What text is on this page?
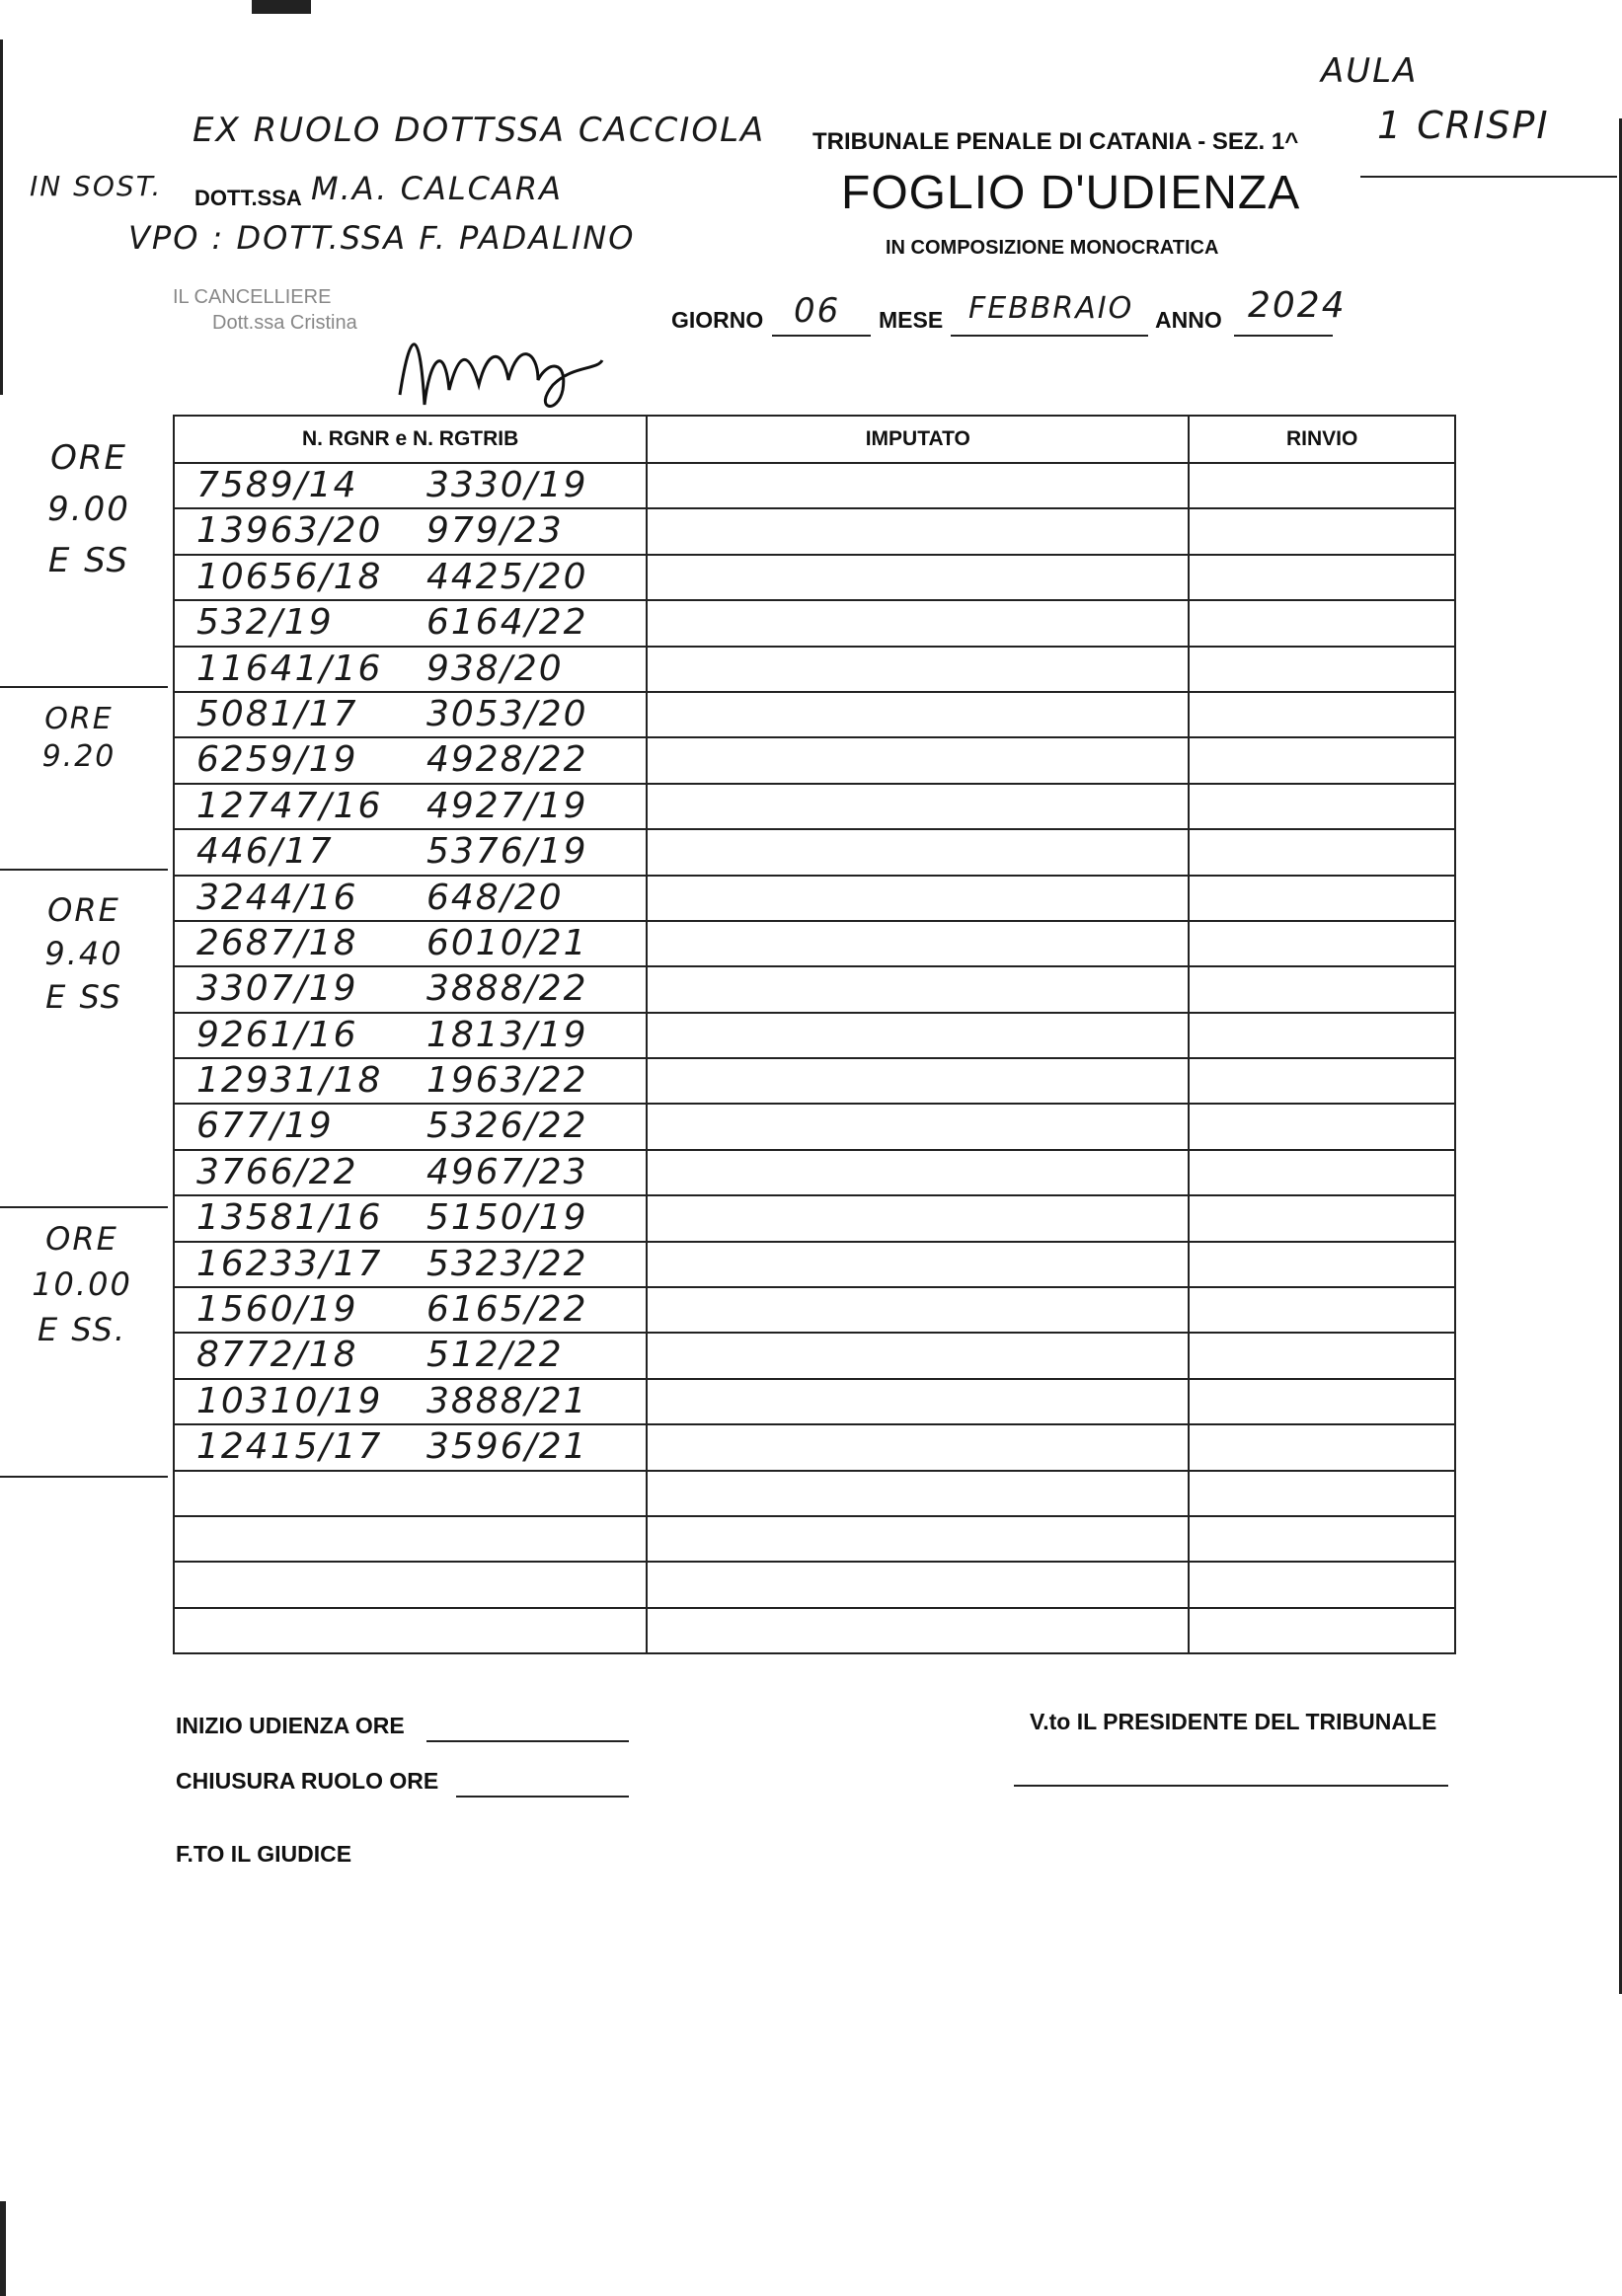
AULA
1 CRISPI
EX RUOLO DOTTSSA CACCIOLA
IN SOST. DOTT.SSA M.A. CALCARA
VPO : DOTT.SSA F. PADALINO
IL CANCELLIERE
Dott.ssa Cristina
TRIBUNALE PENALE DI CATANIA - SEZ. 1^
FOGLIO D'UDIENZA
IN COMPOSIZIONE MONOCRATICA
GIORNO 06 MESE FEBBRAIO ANNO 2024
ORE
9.00
E SS
ORE
9.20
ORE
9.40
E SS
ORE
10.00
E SS.
N. RGNR e N. RGTRIB	IMPUTATO	RINVIO

7589/14 3330/19		

13963/20 979/23		

10656/18 4425/20		

532/19 6164/22		

11641/16 938/20		

5081/17 3053/20		

6259/19 4928/22		

12747/16 4927/19		

446/17 5376/19		

3244/16 648/20		

2687/18 6010/21		

3307/19 3888/22		

9261/16 1813/19		

12931/18 1963/22		

677/19 5326/22		

3766/22 4967/23		

13581/16 5150/19		

16233/17 5323/22		

1560/19 6165/22		

8772/18 512/22		

10310/19 3888/21		

12415/17 3596/21		

INIZIO UDIENZA ORE
CHIUSURA RUOLO ORE
F.TO IL GIUDICE
V.to IL PRESIDENTE DEL TRIBUNALE
